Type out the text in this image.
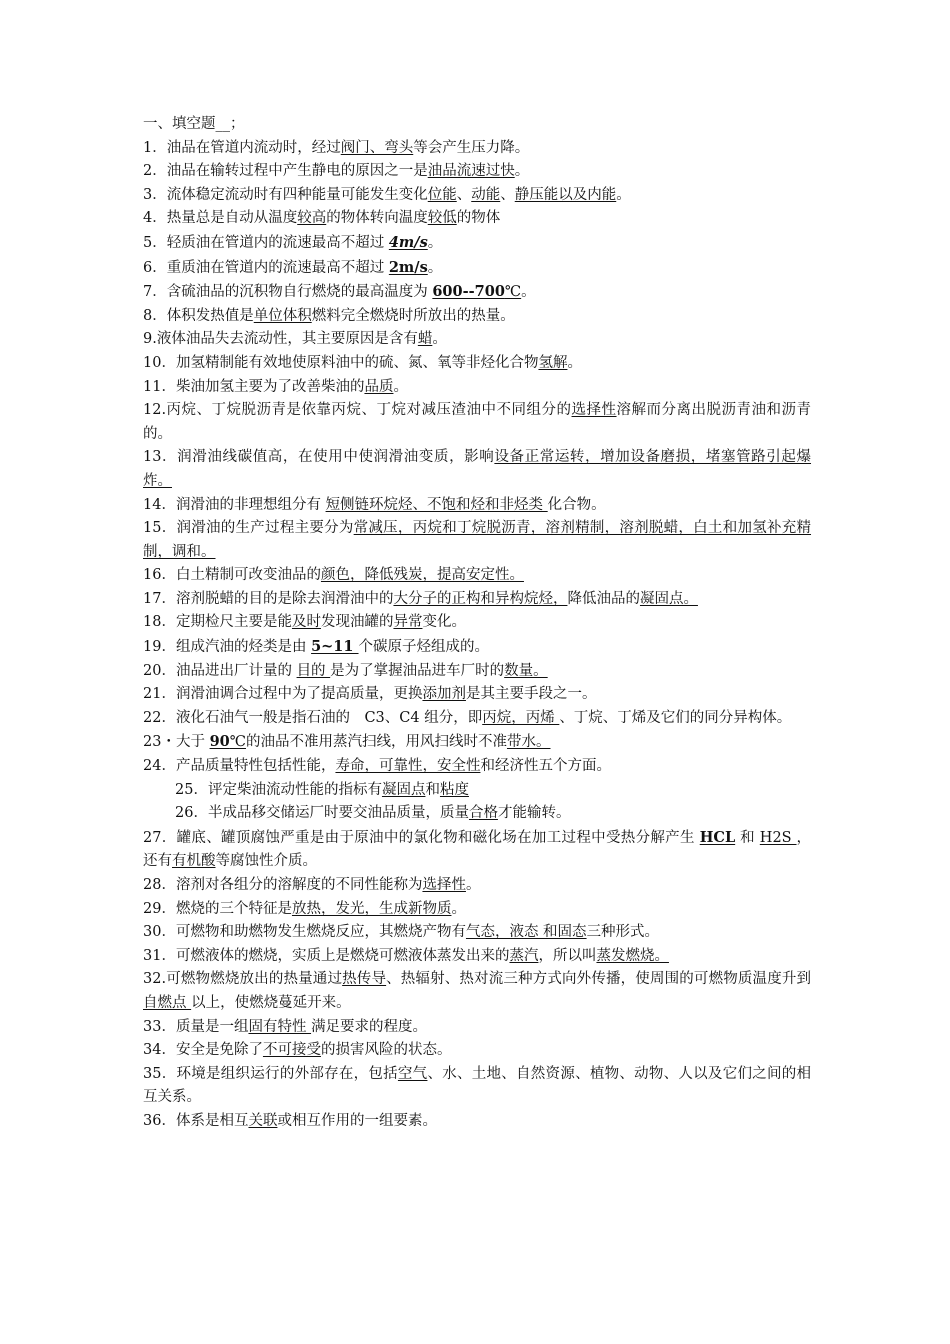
一、填空题__；
1．油品在管道内流动时，经过阀门、弯头等会产生压力降。
2．油品在输转过程中产生静电的原因之一是油品流速过快。
3．流体稳定流动时有四种能量可能发生变化位能、动能、静压能以及内能。
4．热量总是自动从温度较高的物体转向温度较低的物体
5．轻质油在管道内的流速最高不超过 4m/s。
6．重质油在管道内的流速最高不超过 2m/s。
7．含硫油品的沉积物自行燃烧的最高温度为 600--700℃。
8．体积发热值是单位体积燃料完全燃烧时所放出的热量。
9.液体油品失去流动性，其主要原因是含有蜡。
10．加氢精制能有效地使原料油中的硫、氮、氧等非烃化合物氢解。
11．柴油加氢主要为了改善柴油的品质。
12.丙烷、丁烷脱沥青是依靠丙烷、丁烷对减压渣油中不同组分的选择性溶解而分离出脱沥青油和沥青的。
13．润滑油线碳值高，在使用中使润滑油变质，影响设备正常运转，增加设备磨损，堵塞管路引起爆炸。
14．润滑油的非理想组分有 短侧链环烷烃、不饱和烃和非烃类 化合物。
15．润滑油的生产过程主要分为常减压，丙烷和丁烷脱沥青，溶剂精制，溶剂脱蜡，白土和加氢补充精制，调和。
16．白土精制可改变油品的颜色，降低残炭，提高安定性。
17．溶剂脱蜡的目的是除去润滑油中的大分子的正构和异构烷烃，降低油品的凝固点。
18．定期检尺主要是能及时发现油罐的异常变化。
19．组成汽油的烃类是由 5~11 个碳原子烃组成的。
20．油品进出厂计量的 目的 是为了掌握油品进车厂时的数量。
21．润滑油调合过程中为了提高质量，更换添加剂是其主要手段之一。
22．液化石油气一般是指石油的　C3、C4 组分，即丙烷，丙烯 、丁烷、丁烯及它们的同分异构体。
23・大于 90℃的油品不准用蒸汽扫线，用风扫线时不准带水。
24．产品质量特性包括性能，寿命，可靠性，安全性和经济性五个方面。
25．评定柴油流动性能的指标有凝固点和粘度
26．半成品移交储运厂时要交油品质量，质量合格才能输转。
27．罐底、罐顶腐蚀严重是由于原油中的氯化物和磁化场在加工过程中受热分解产生 HCL 和 H2S ，还有有机酸等腐蚀性介质。
28．溶剂对各组分的溶解度的不同性能称为选择性。
29．燃烧的三个特征是放热，发光，生成新物质。
30．可燃物和助燃物发生燃烧反应，其燃烧产物有气态，液态 和固态三种形式。
31．可燃液体的燃烧，实质上是燃烧可燃液体蒸发出来的蒸汽，所以叫蒸发燃烧。
32.可燃物燃烧放出的热量通过热传导、热辐射、热对流三种方式向外传播，使周围的可燃物质温度升到自燃点 以上，使燃烧蔓延开来。
33．质量是一组固有特性 满足要求的程度。
34．安全是免除了不可接受的损害风险的状态。
35．环境是组织运行的外部存在，包括空气、水、土地、自然资源、植物、动物、人以及它们之间的相互关系。
36．体系是相互关联或相互作用的一组要素。
